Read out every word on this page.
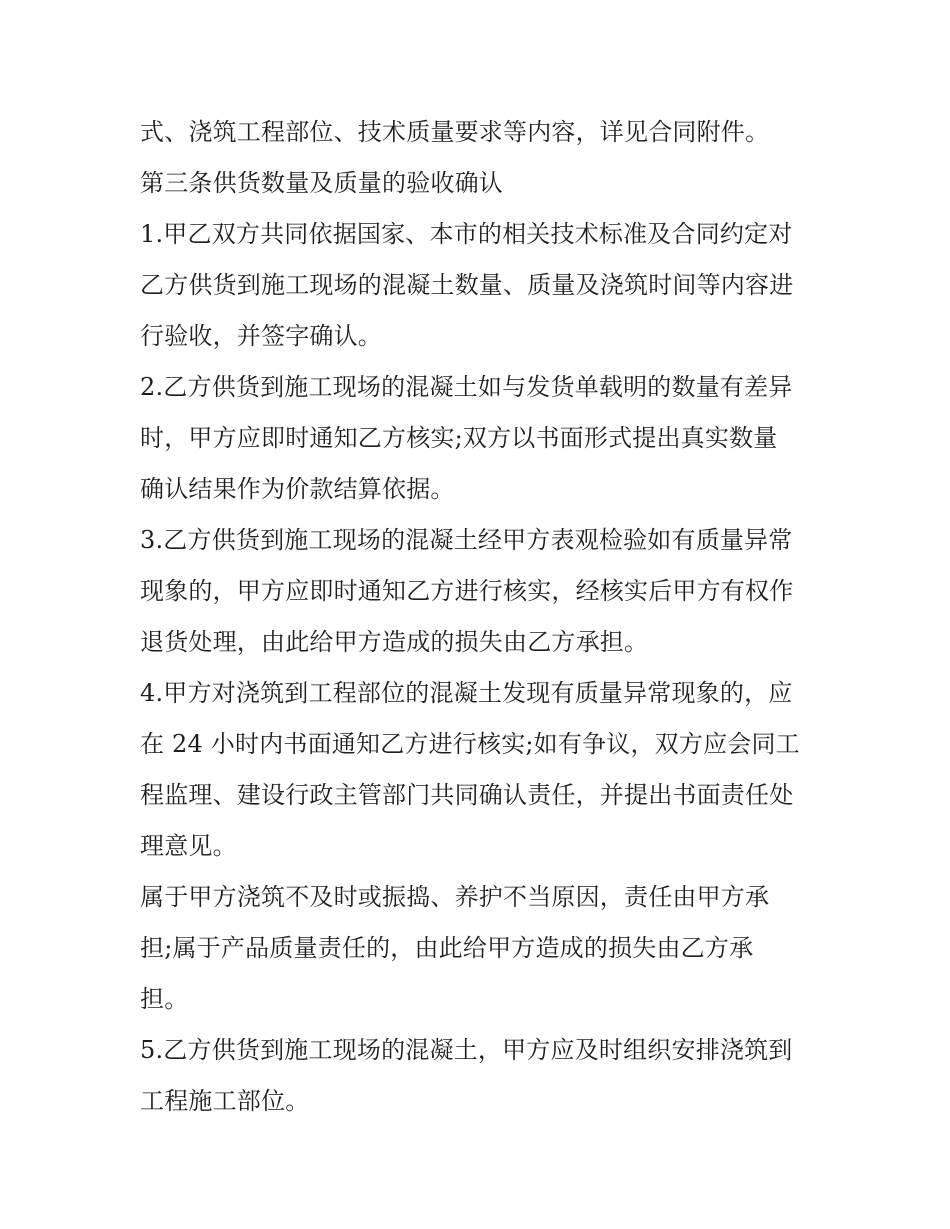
式、浇筑工程部位、技术质量要求等内容，详见合同附件。
第三条供货数量及质量的验收确认
1.甲乙双方共同依据国家、本市的相关技术标准及合同约定对
乙方供货到施工现场的混凝土数量、质量及浇筑时间等内容进
行验收，并签字确认。
2.乙方供货到施工现场的混凝土如与发货单载明的数量有差异
时，甲方应即时通知乙方核实;双方以书面形式提出真实数量
确认结果作为价款结算依据。
3.乙方供货到施工现场的混凝土经甲方表观检验如有质量异常
现象的，甲方应即时通知乙方进行核实，经核实后甲方有权作
退货处理，由此给甲方造成的损失由乙方承担。
4.甲方对浇筑到工程部位的混凝土发现有质量异常现象的，应
在 24 小时内书面通知乙方进行核实;如有争议，双方应会同工
程监理、建设行政主管部门共同确认责任，并提出书面责任处
理意见。
属于甲方浇筑不及时或振捣、养护不当原因，责任由甲方承
担;属于产品质量责任的，由此给甲方造成的损失由乙方承
担。
5.乙方供货到施工现场的混凝土，甲方应及时组织安排浇筑到
工程施工部位。
